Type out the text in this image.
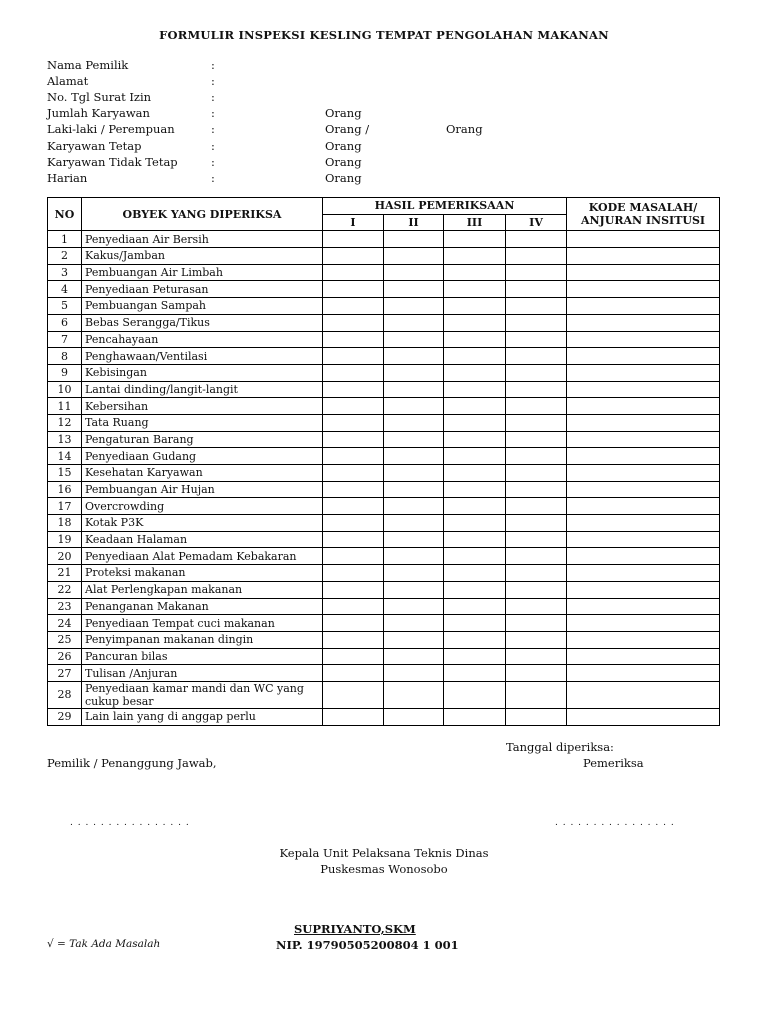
FORMULIR INSPEKSI KESLING TEMPAT PENGOLAHAN MAKANAN
Nama Pemilik	:
Alamat	:
No. Tgl Surat Izin	:
Jumlah Karyawan	:	Orang
Laki-laki / Perempuan	:	Orang /	Orang
Karyawan Tetap	:	Orang
Karyawan Tidak Tetap	:	Orang
Harian	:	Orang
NO	OBYEK YANG DIPERIKSA	HASIL PEMERIKSAAN				KODE MASALAH/ ANJURAN INSITUSI
		I	II	III	IV	
1	Penyediaan Air Bersih					
2	Kakus/Jamban					
3	Pembuangan Air Limbah					
4	Penyediaan Peturasan					
5	Pembuangan Sampah					
6	Bebas Serangga/Tikus					
7	Pencahayaan					
8	Penghawaan/Ventilasi					
9	Kebisingan					
10	Lantai dinding/langit-langit					
11	Kebersihan					
12	Tata Ruang					
13	Pengaturan Barang					
14	Penyediaan Gudang					
15	Kesehatan Karyawan					
16	Pembuangan Air Hujan					
17	Overcrowding					
18	Kotak P3K					
19	Keadaan Halaman					
20	Penyediaan Alat Pemadam Kebakaran					
21	Proteksi makanan					
22	Alat Perlengkapan makanan					
23	Penanganan Makanan					
24	Penyediaan Tempat cuci makanan					
25	Penyimpanan makanan dingin					
26	Pancuran bilas					
27	Tulisan /Anjuran					
28	Penyediaan kamar mandi dan WC yang cukup besar					
29	Lain lain yang di anggap perlu					
Tanggal diperiksa:
Pemilik / Penanggung Jawab,	Pemeriksa
. . . . . . . . . . . . . . . .	. . . . . . . . . . . . . . . .
Kepala Unit Pelaksana Teknis Dinas
Puskesmas Wonosobo
SUPRIYANTO,SKM
NIP. 19790505200804 1 001
√ = Tak Ada Masalah
